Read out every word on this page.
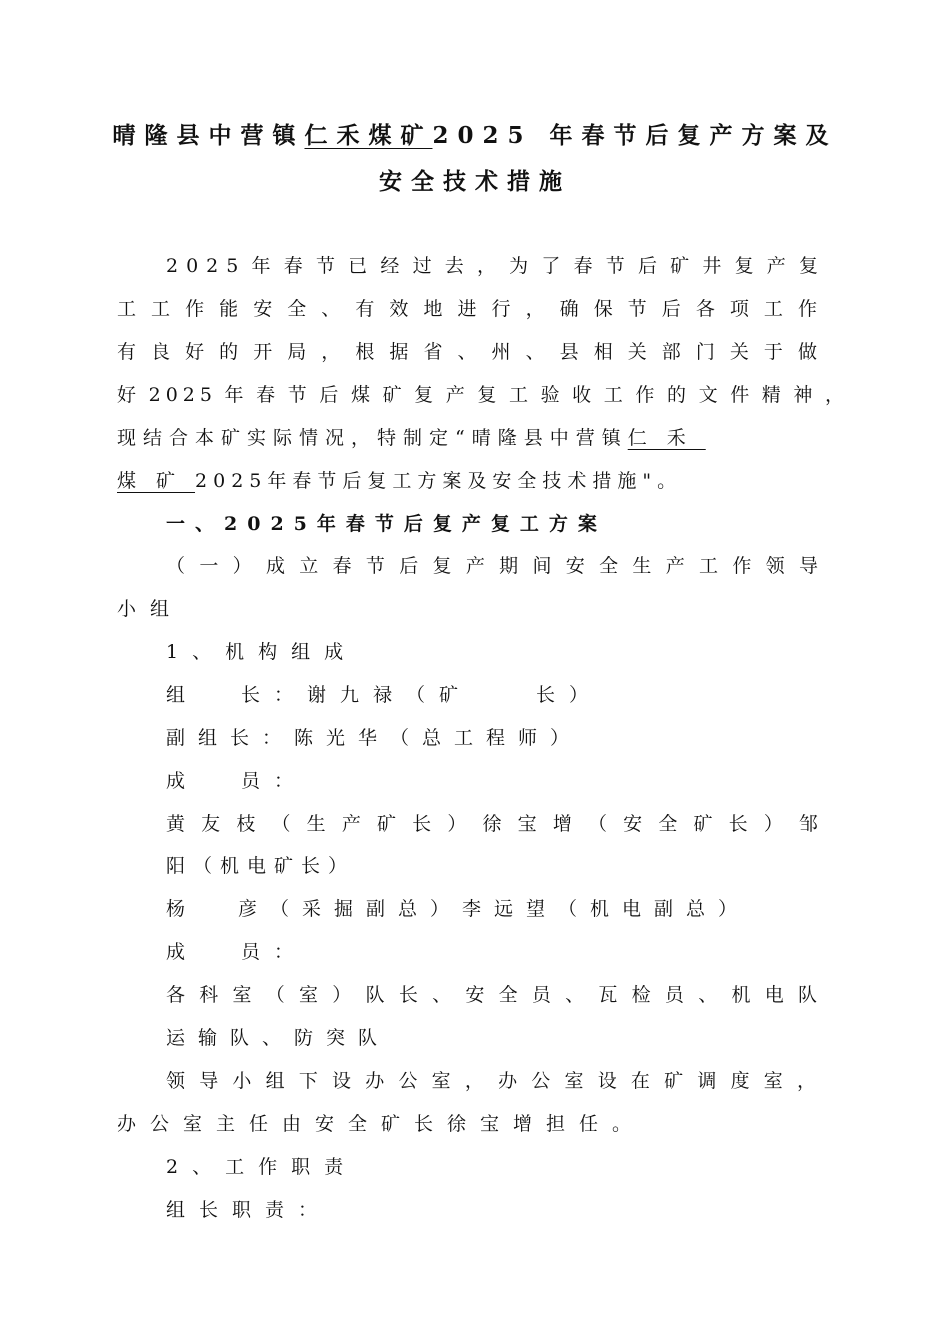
晴隆县中营镇仁禾煤矿2025 年春节后复产方案及
安全技术措施
2025年春节已经过去，为了春节后矿井复产复
工工作能安全、有效地进行，确保节后各项工作
有良好的开局，根据省、州、县相关部门关于做
好2025年春节后煤矿复产复工验收工作的文件精神，
现结合本矿实际情况，特制定“晴隆县中营镇仁禾
煤矿2025年春节后复工方案及安全技术措施"。
一、2025年春节后复产复工方案
（一）成立春节后复产期间安全生产工作领导
小组
1、机构组成
组 长：谢九禄（矿	长）
副组长：陈光华（总工程师）
成 员：
黄友枝（生产矿长）徐宝增（安全矿长）邹
阳（机电矿长）
杨 彦（采掘副总）李远望（机电副总）
成 员：
各科室（室）队长、安全员、瓦检员、机电队
运输队、防突队
领导小组下设办公室，办公室设在矿调度室，
办公室主任由安全矿长徐宝增担任。
2、工作职责
组长职责：
